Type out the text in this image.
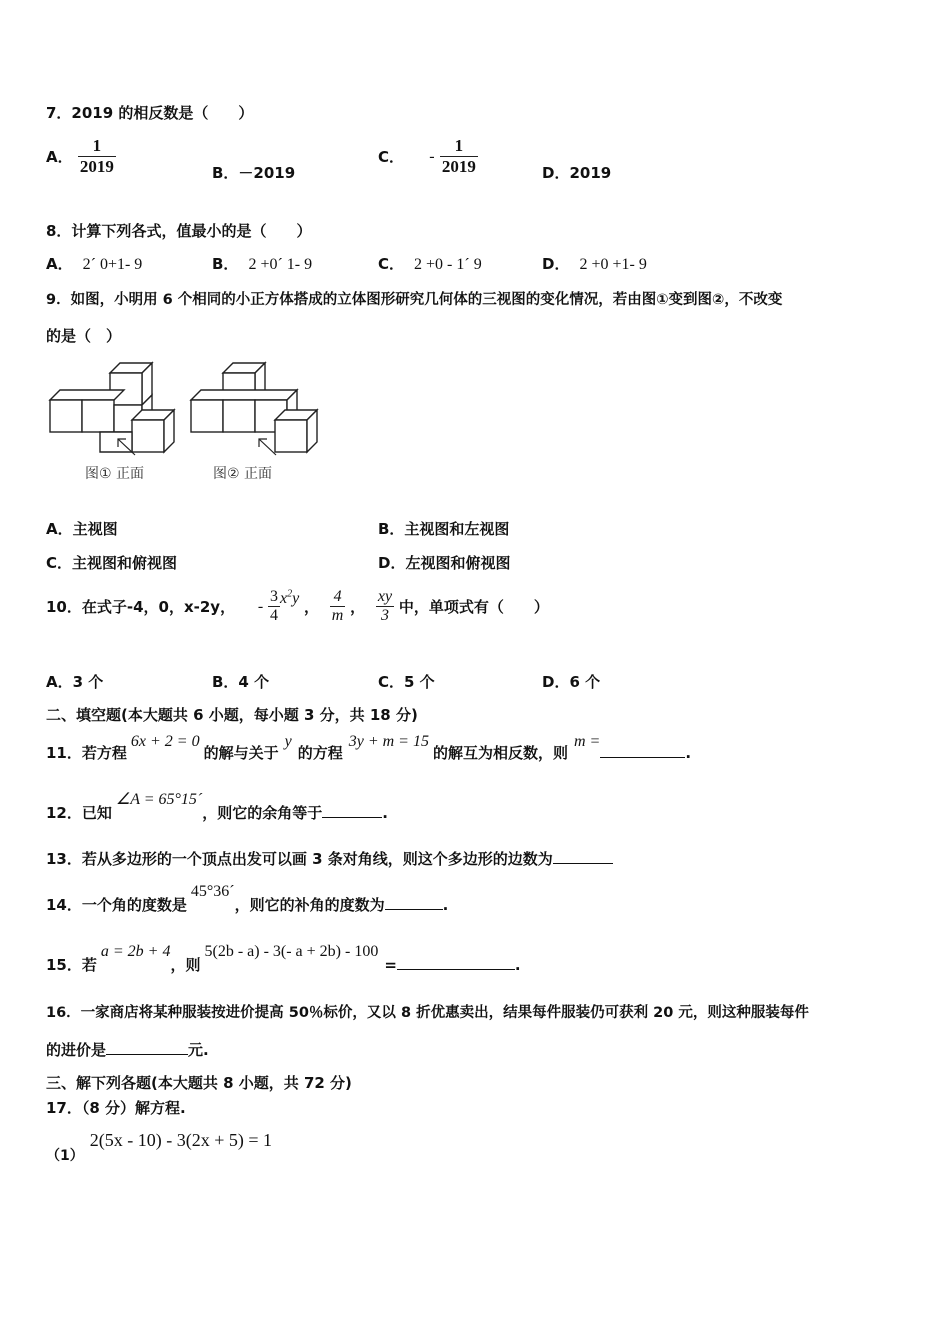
7．2019 的相反数是（　　）
A． $\frac{1}{2019}$	B．－2019
C． - $\frac{1}{2019}$	D．2019
8．计算下列各式，值最小的是（　　）
A． 2´ 0+1- 9	B． 2 +0´ 1- 9	C． 2 +0 - 1´ 9	D． 2 +0 +1- 9
9．如图，小明用 6 个相同的小正方体搭成的立体图形研究几何体的三视图的变化情况，若由图①变到图②，不改变
的是（　）
图① 正面	图② 正面
A．主视图	B．主视图和左视图
C．主视图和俯视图	D．左视图和俯视图
10．在式子-4，0，x-2y， - $\frac{3}{4} x^2y$ ， $\frac{4}{m}$ ， $\frac{xy}{3}$ 中，单项式有（　　）
A．3 个	B．4 个	C．5 个	D．6 个
二、填空题(本大题共 6 小题，每小题 3 分，共 18 分)
11．若方程6x + 2 = 0的解与关于y的方程3y + m = 15的解互为相反数，则m =.
12．已知∠A = 65°15´，则它的余角等于	.
13．若从多边形的一个顶点出发可以画 3 条对角线，则这个多边形的边数为
14．一个角的度数是45°36´，则它的补角的度数为	.
15．若a = 2b + 4，则5(2b - a) - 3(- a + 2b) - 100=	.
16．一家商店将某种服装按进价提高 50％标价，又以 8 折优惠卖出，结果每件服装仍可获利 20 元，则这种服装每件
的进价是	元.
三、解下列各题(本大题共 8 小题，共 72 分)
17．（8 分）解方程.
（1）2(5x - 10) - 3(2x + 5) = 1
